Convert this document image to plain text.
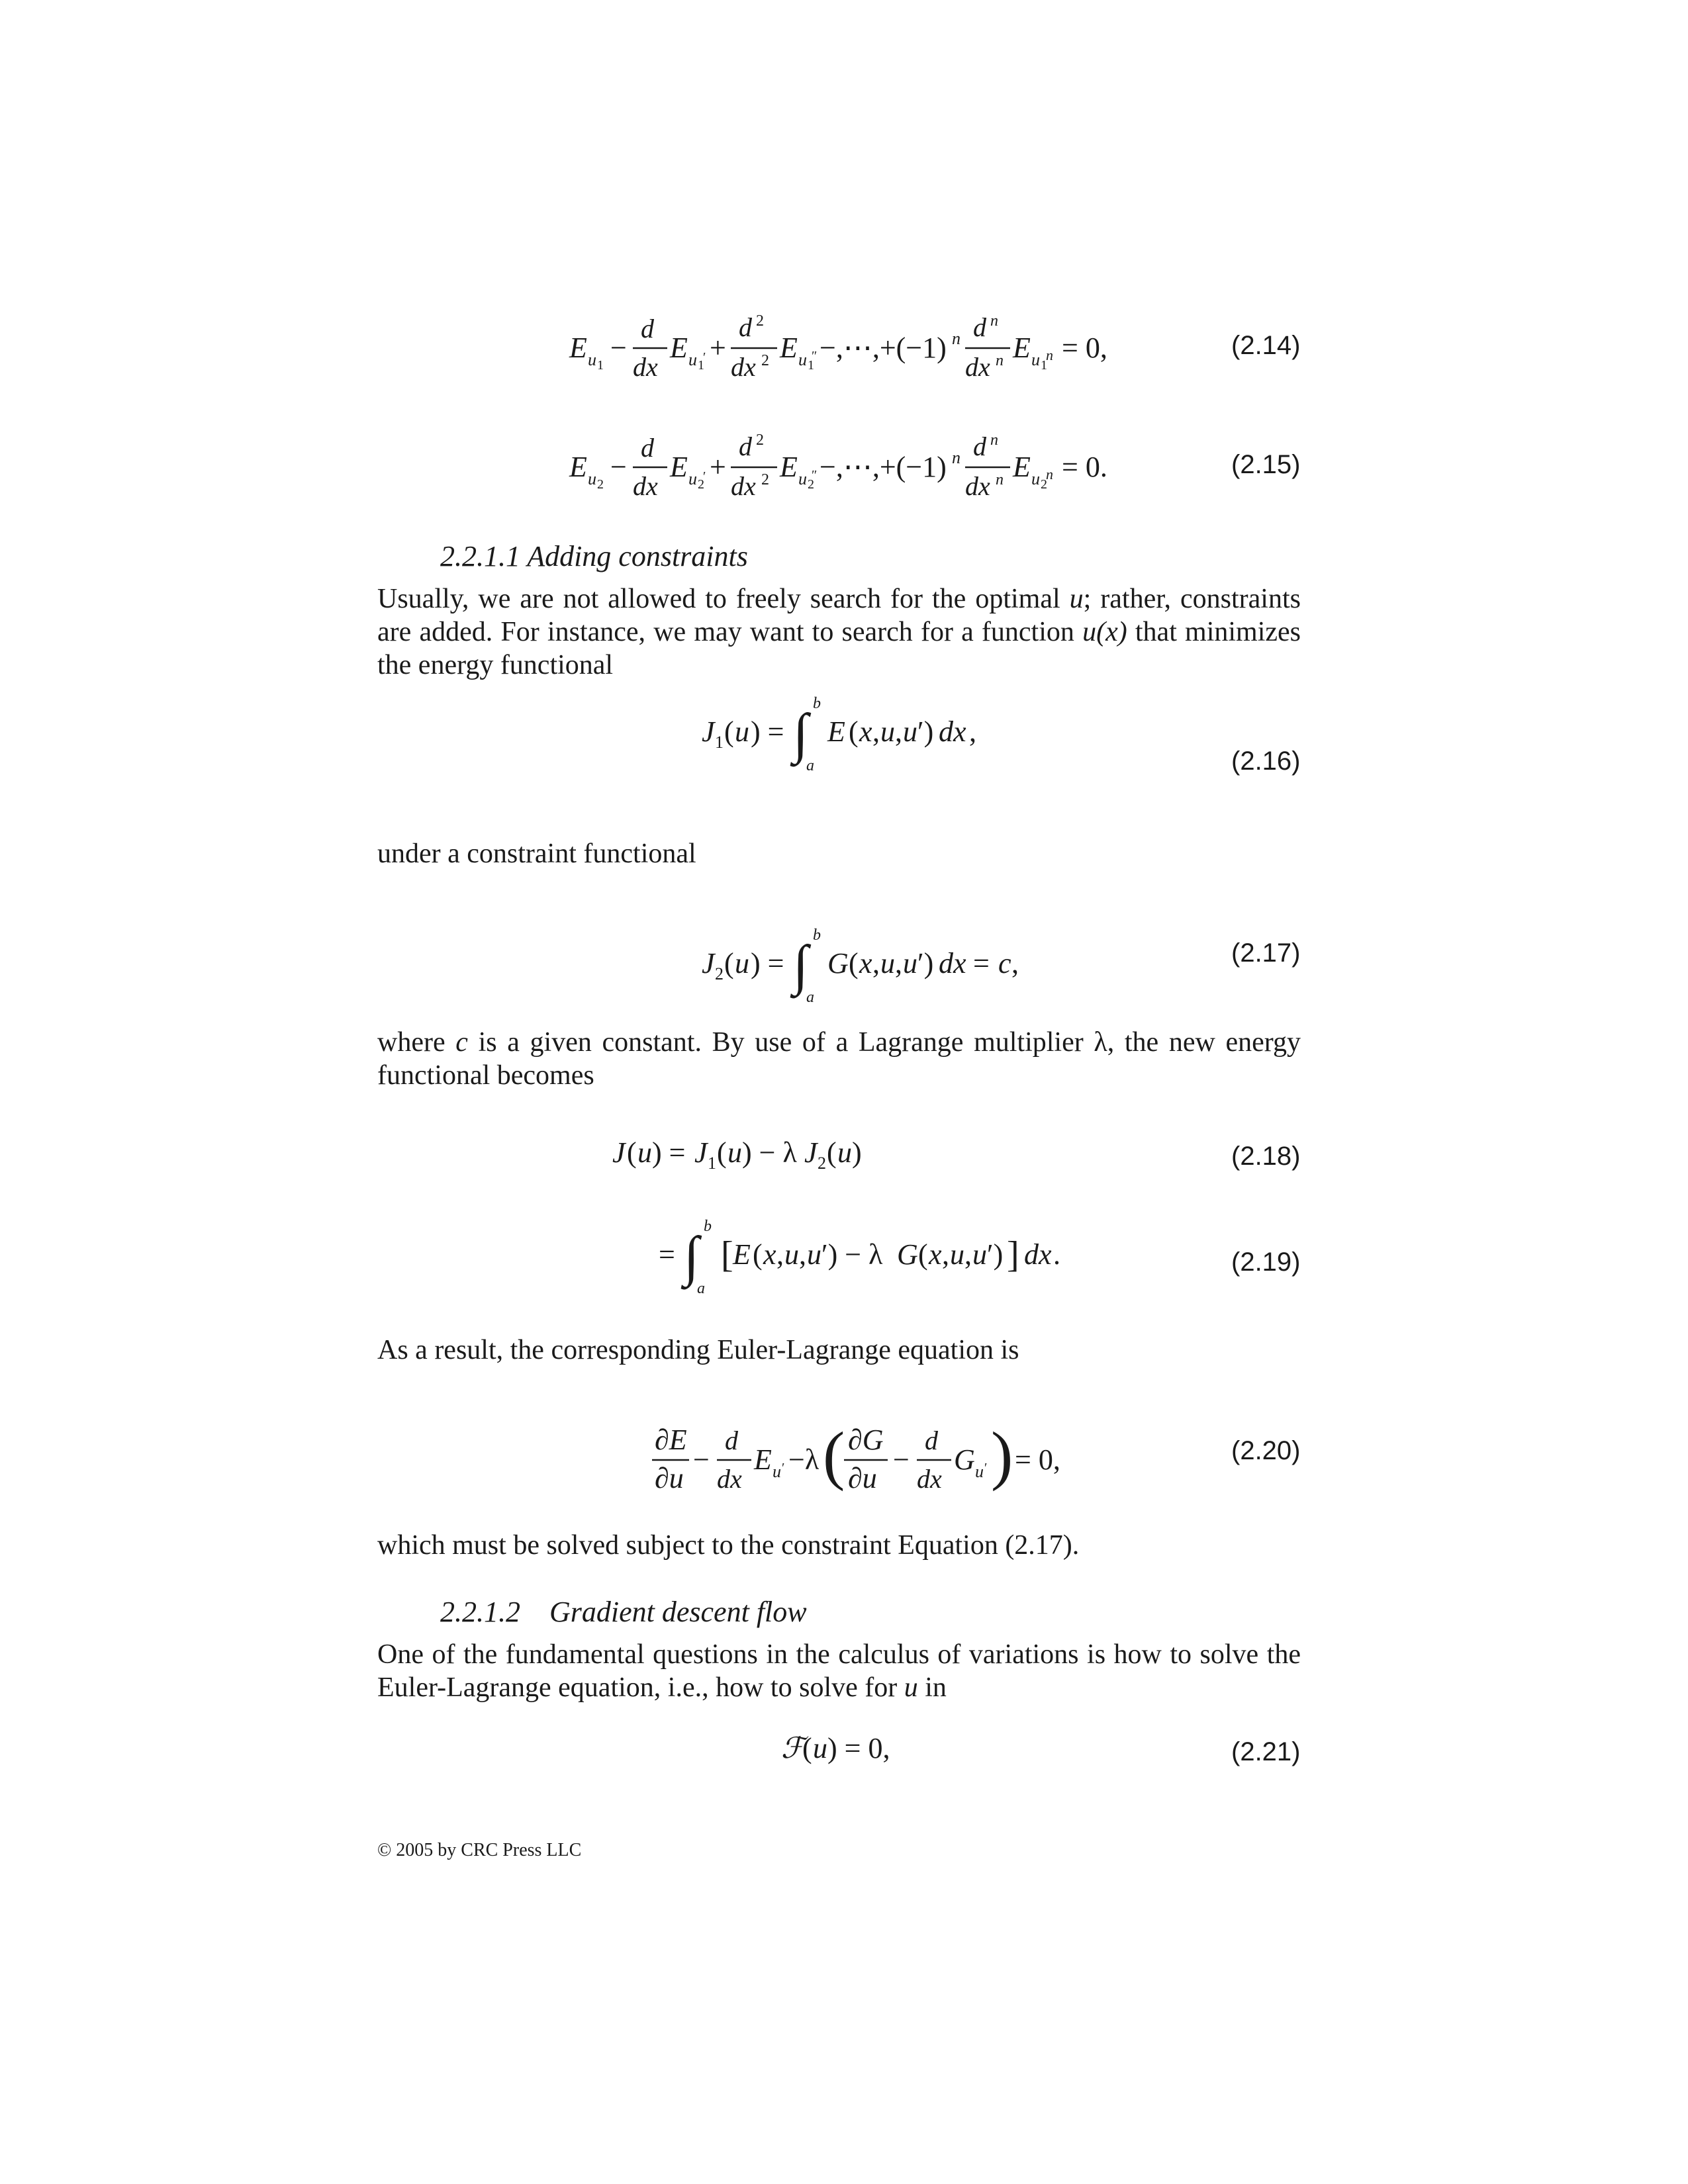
E u 1
−
d
dx
E u 1
′ +
d 2
dx 2 E u 1
″ −,⋯,+(−1) n d n
dx n E u 1
n = 0,	(2.14)
E u 2
−
d
dx
E u 2
′ +
d 2
dx 2 E u 2
″ −,⋯,+(−1) n d n
dx n E u 2
n = 0.	(2.15)
2.2.1.1 Adding constraints
Usually, we are not allowed to freely search for the optimal u; rather, constraints are added. For instance, we may want to search for a function u(x) that minimizes the energy functional
J 1 ( u ) = ∫ b
a
E ( x , u , u ′) dx ,
(2.16)
under a constraint functional
J 2 ( u ) = ∫ b
a
G ( x , u , u ′) dx = c ,	(2.17)
where c is a given constant. By use of a Lagrange multiplier λ, the new energy functional becomes
J ( u ) = J 1 ( u ) − λ J 2 ( u )	(2.18)
= ∫ b
a
[ E ( x , u , u ′) − λ G ( x , u , u ′) ] dx .	(2.19)
As a result, the corresponding Euler-Lagrange equation is
∂E
∂u
−
d
dx
E u ′ −λ ( ∂G
∂u
−
d
dx
G u ′ ) = 0,	(2.20)
which must be solved subject to the constraint Equation (2.17).
2.2.1.2 Gradient descent flow
One of the fundamental questions in the calculus of variations is how to solve the Euler-Lagrange equation, i.e., how to solve for u in
ℱ
( u ) = 0,	(2.21)
© 2005 by CRC Press LLC
